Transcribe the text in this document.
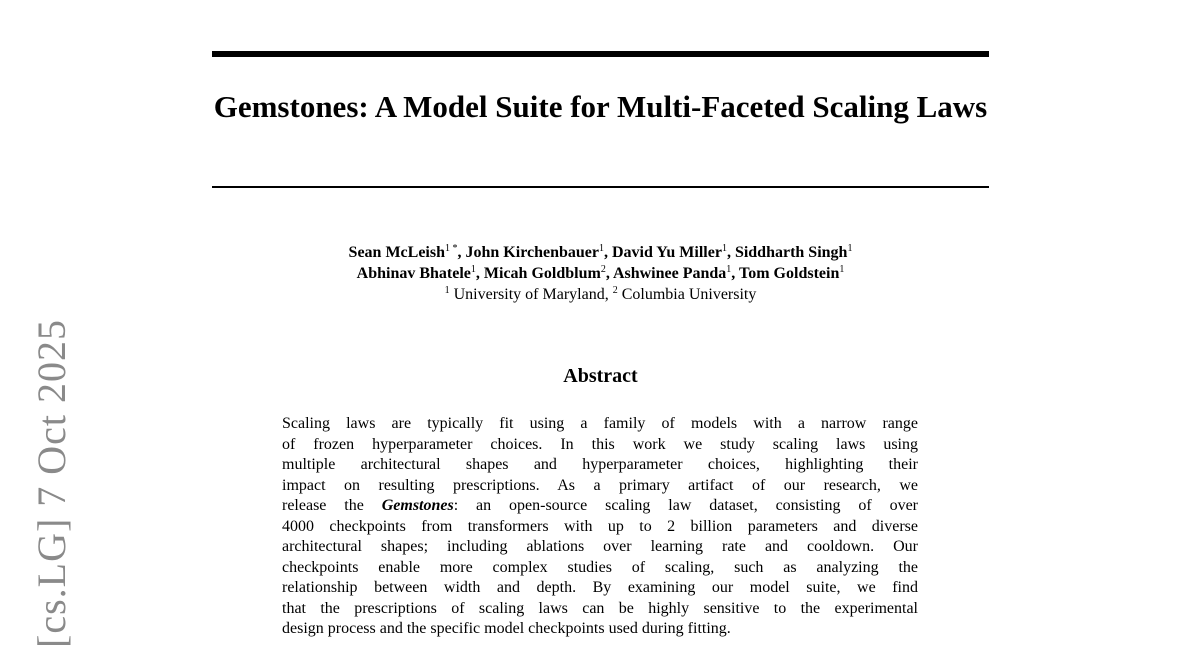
Gemstones: A Model Suite for Multi-Faceted Scaling Laws
Sean McLeish$^{1 *}$, John Kirchenbauer$^1$, David Yu Miller$^1$, Siddharth Singh$^1$
Abhinav Bhatele$^1$, Micah Goldblum$^2$, Ashwinee Panda$^1$, Tom Goldstein$^1$
$^1$ University of Maryland, $^2$ Columbia University
Abstract
Scaling laws are typically fit using a family of models with a narrow range
of frozen hyperparameter choices. In this work we study scaling laws using
multiple architectural shapes and hyperparameter choices, highlighting their
impact on resulting prescriptions. As a primary artifact of our research, we
release the Gemstones: an open-source scaling law dataset, consisting of over
4000 checkpoints from transformers with up to 2 billion parameters and diverse
architectural shapes; including ablations over learning rate and cooldown. Our
checkpoints enable more complex studies of scaling, such as analyzing the
relationship between width and depth. By examining our model suite, we find
that the prescriptions of scaling laws can be highly sensitive to the experimental
design process and the specific model checkpoints used during fitting.
[cs.LG] 7 Oct 2025
